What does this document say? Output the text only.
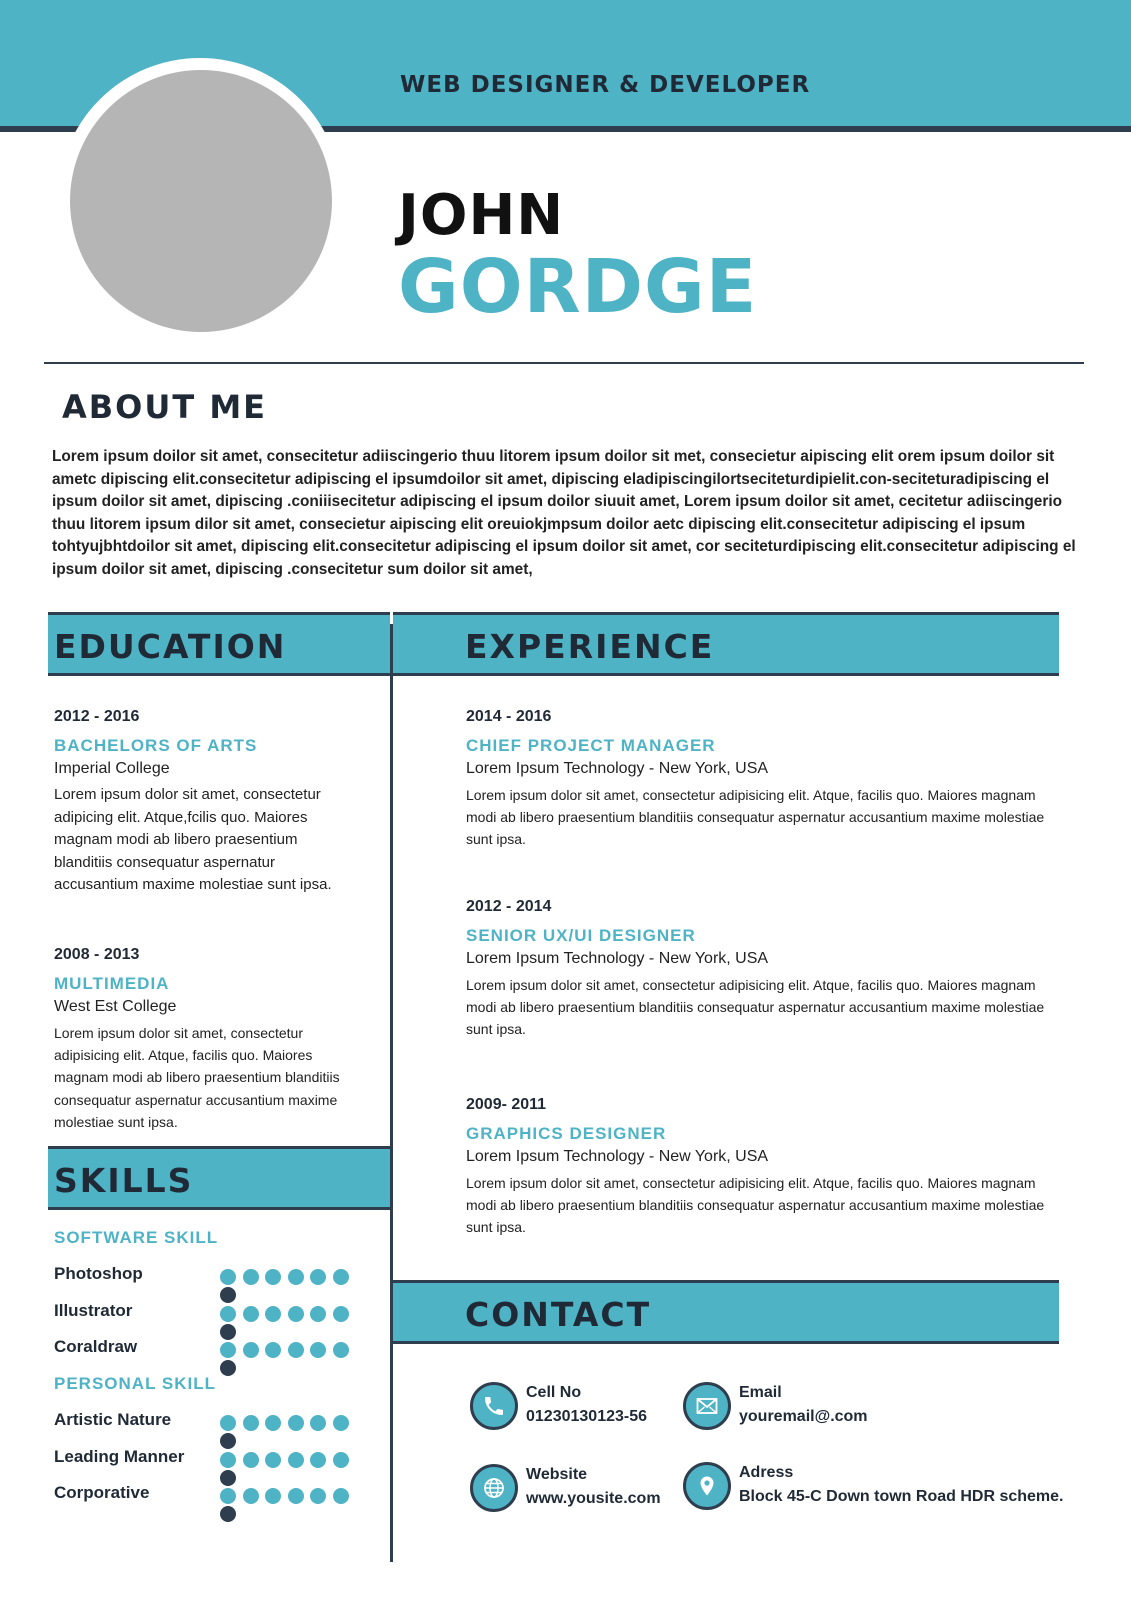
WEB DESIGNER & DEVELOPER
JOHN
GORDGE
ABOUT ME
Lorem ipsum doilor sit amet, consecitetur adiiscingerio thuu litorem ipsum doilor sit met, consecietur aipiscing elit orem ipsum doilor sit ametc dipiscing elit.consecitetur adipiscing el ipsumdoilor sit amet, dipiscing eladipiscingilortseciteturdipielit.con-seciteturadipiscing el ipsum doilor sit amet, dipiscing .coniiisecitetur adipiscing el ipsum doilor siuuit amet, Lorem ipsum doilor sit amet, cecitetur adiiscingerio thuu litorem ipsum dilor sit amet, consecietur aipiscing elit oreuiokjmpsum doilor aetc dipiscing elit.consecitetur adipiscing el ipsum tohtyujbhtdoilor sit amet, dipiscing elit.consecitetur adipiscing el ipsum doilor sit amet, cor seciteturdipiscing elit.consecitetur adipiscing el ipsum doilor sit amet, dipiscing .consecitetur sum doilor sit amet,
EDUCATION	EXPERIENCE
2012 - 2016
BACHELORS OF ARTS
Imperial College
Lorem ipsum dolor sit amet, consectetur adipicing elit. Atque,fcilis quo. Maiores magnam modi ab libero praesentium blanditiis consequatur aspernatur accusantium maxime molestiae sunt ipsa.
2008 - 2013
MULTIMEDIA
West Est College
Lorem ipsum dolor sit amet, consectetur adipisicing elit. Atque, facilis quo. Maiores magnam modi ab libero praesentium blanditiis consequatur aspernatur accusantium maxime molestiae sunt ipsa.
2014 - 2016
CHIEF PROJECT MANAGER
Lorem Ipsum Technology - New York, USA
Lorem ipsum dolor sit amet, consectetur adipisicing elit. Atque, facilis quo. Maiores magnam modi ab libero praesentium blanditiis consequatur aspernatur accusantium maxime molestiae sunt ipsa.
2012 - 2014
SENIOR UX/UI DESIGNER
Lorem Ipsum Technology - New York, USA
Lorem ipsum dolor sit amet, consectetur adipisicing elit. Atque, facilis quo. Maiores magnam modi ab libero praesentium blanditiis consequatur aspernatur accusantium maxime molestiae sunt ipsa.
2009- 2011
GRAPHICS DESIGNER
Lorem Ipsum Technology - New York, USA
Lorem ipsum dolor sit amet, consectetur adipisicing elit. Atque, facilis quo. Maiores magnam modi ab libero praesentium blanditiis consequatur aspernatur accusantium maxime molestiae sunt ipsa.
SKILLS
SOFTWARE SKILL
Photoshop
Illustrator
Coraldraw
PERSONAL SKILL
Artistic Nature
Leading Manner
Corporative
CONTACT
Cell No
01230130123-56
Email
youremail@.com
Website
www.yousite.com
Adress
Block 45-C Down town Road HDR scheme.
